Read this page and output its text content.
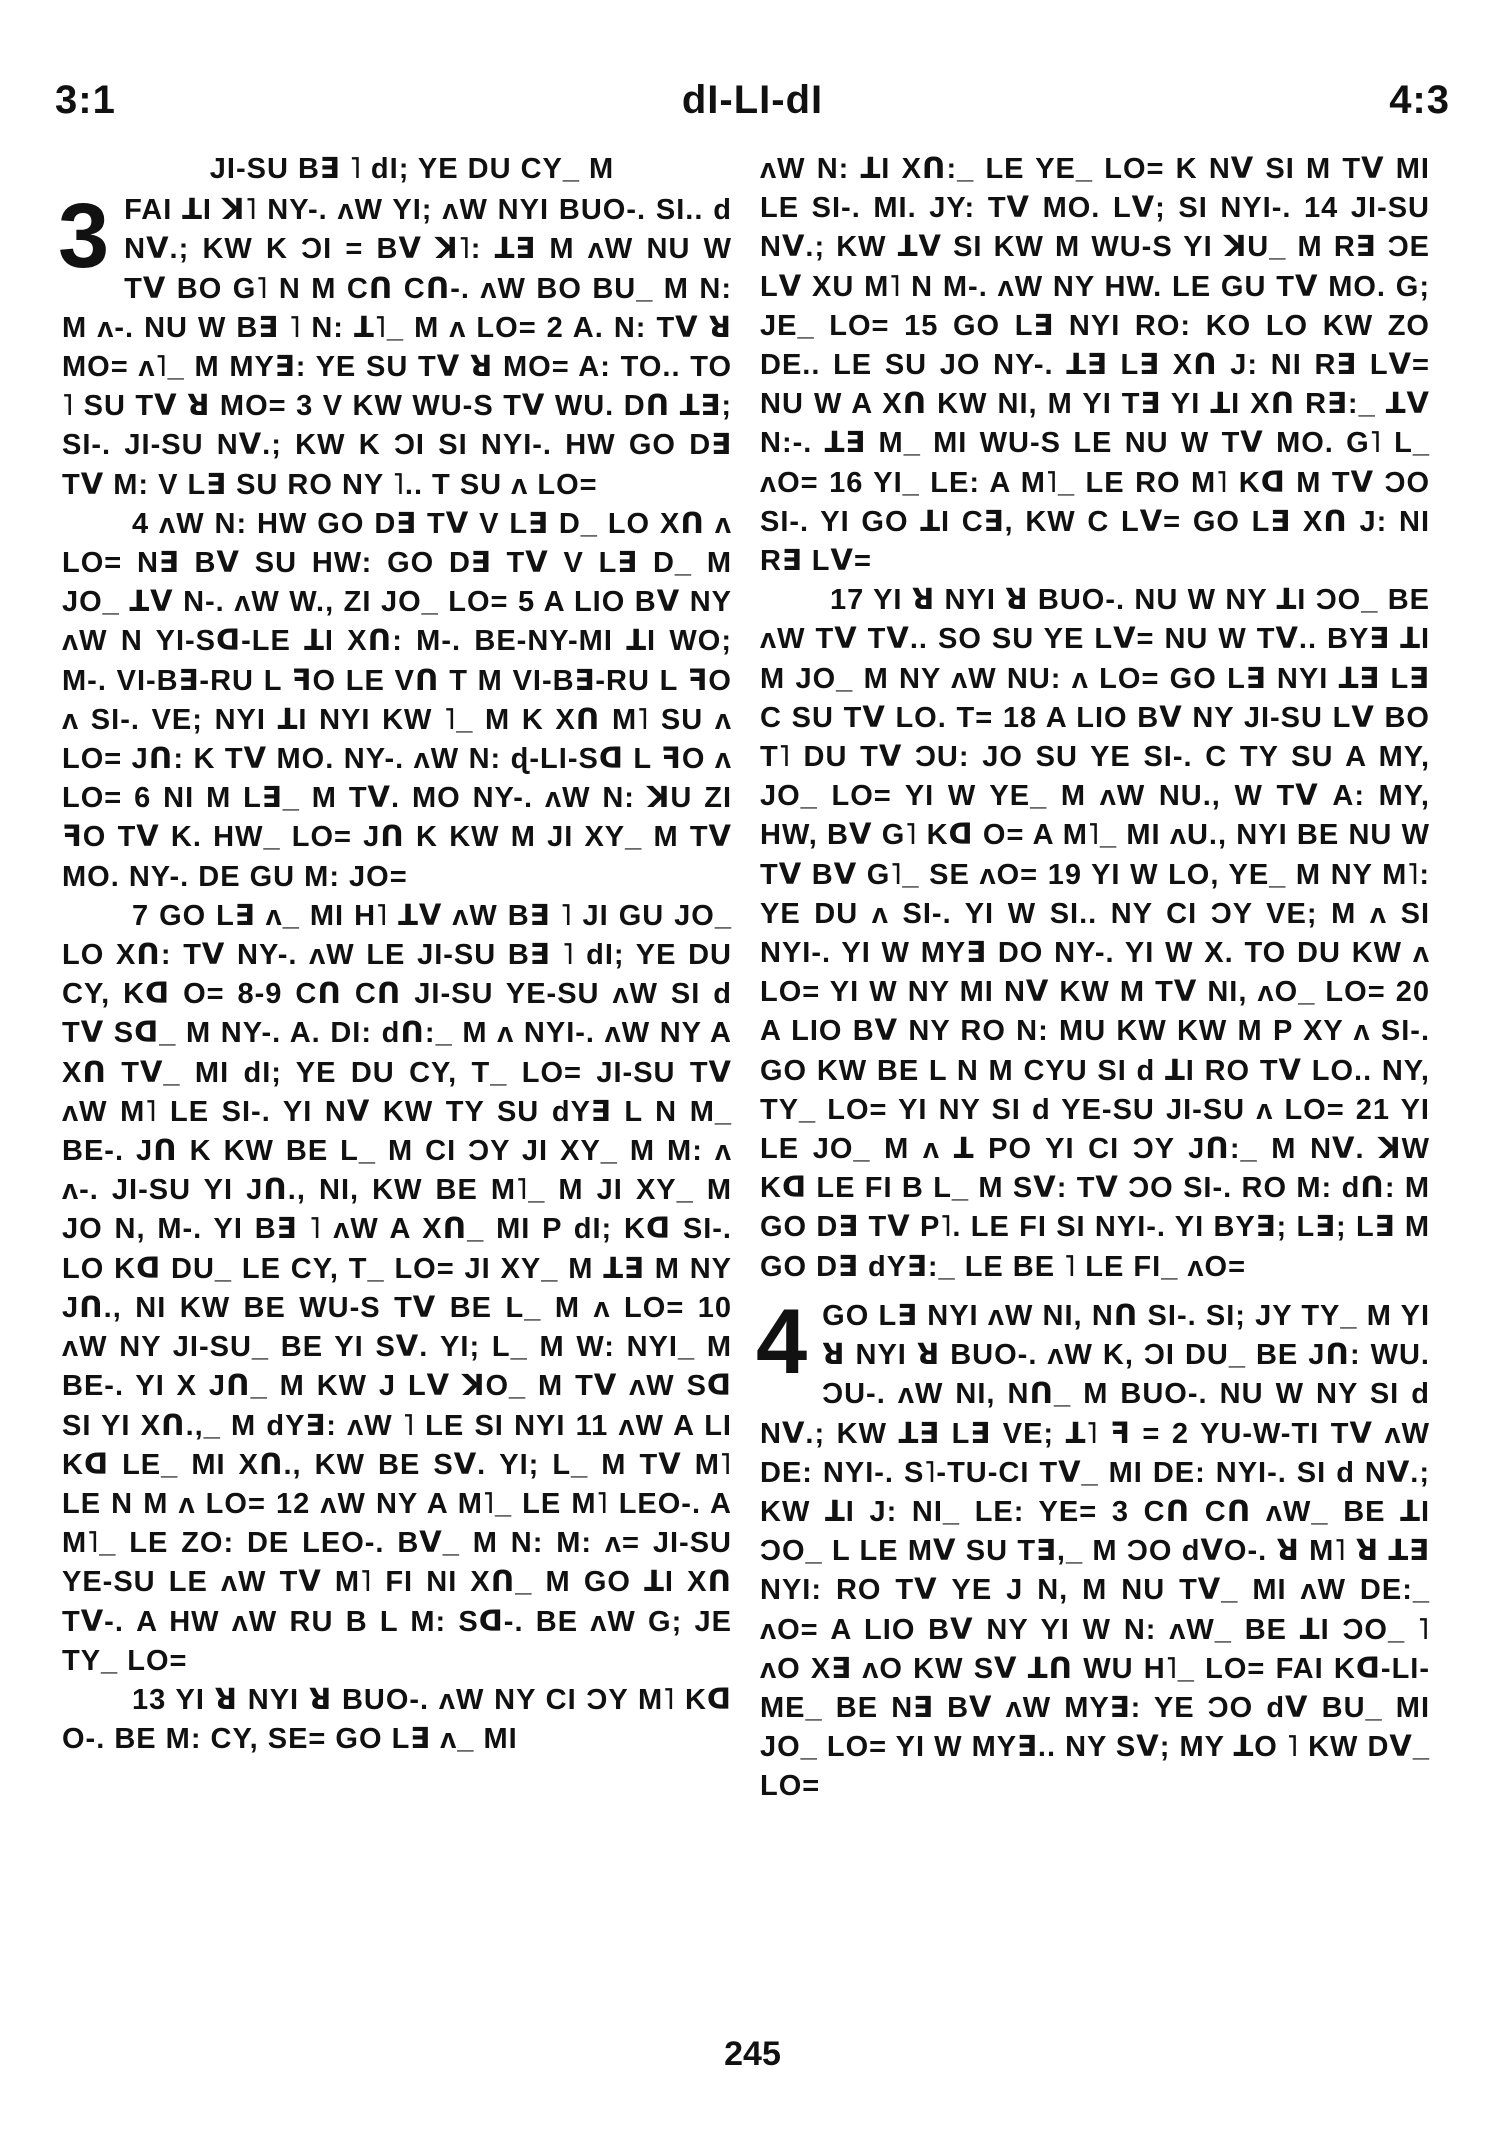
3:1	dI-LI-dI	4:3
JI-SU B∃ ˥ dI; YE DU CY_ M

3 FAI ꓕI ꓘ˥ NY-. ʌW YI; ʌW NYI BUO-. SI.. d Nᐯ.; KW K ϽI = Bᐯ ꓘ˥: ꓕ∃ M ʌW NU W Tᐯ BO G˥ N M Cᑎ Cᑎ-. ʌW BO BU_ M N: M ʌ-. NU W B∃ ˥ N: ꓕ˥_ M ʌ LO= 2 A. N: Tᐯ ꓤ MO= ʌ˥_ M MY∃: YE SU Tᐯ ꓤ MO= A: TO.. TO ˥ SU Tᐯ ꓤ MO= 3 V KW WU-S Tᐯ WU. Dᑎ ꓕ∃; SI-. JI-SU Nᐯ.; KW K ϽI SI NYI-. HW GO D∃ Tᐯ M: V L∃ SU RO NY ˥.. T SU ʌ LO=

4 ʌW N: HW GO D∃ Tᐯ V L∃ D_ LO Xᑎ ʌ LO= N∃ Bᐯ SU HW: GO D∃ Tᐯ V L∃ D_ M JO_ ꓕᐯ N-. ʌW W., ZI JO_ LO= 5 A LIO Bᐯ NY ʌW N YI-Sᗡ-LE ꓕI Xᑎ: M-. BE-NY-MI ꓕI WO; M-. VI-B∃-RU L ꟻO LE Vᑎ T M VI-B∃-RU L ꟻO ʌ SI-. VE; NYI ꓕI NYI KW ˥_ M K Xᑎ M˥ SU ʌ LO= Jᑎ: K Tᐯ MO. NY-. ʌW N: ɖ-LI-Sᗡ L ꟻO ʌ LO= 6 NI M L∃_ M Tᐯ. MO NY-. ʌW N: ꓘU ZI ꟻO Tᐯ K. HW_ LO= Jᑎ K KW M JI XY_ M Tᐯ MO. NY-. DE GU M: JO=

7 GO L∃ ʌ_ MI H˥ ꓕᐯ ʌW B∃ ˥ JI GU JO_ LO Xᑎ: Tᐯ NY-. ʌW LE JI-SU B∃ ˥ dI; YE DU CY, Kᗡ O= 8-9 Cᑎ Cᑎ JI-SU YE-SU ʌW SI d Tᐯ Sᗡ_ M NY-. A. DI: dᑎ:_ M ʌ NYI-. ʌW NY A Xᑎ Tᐯ_ MI dI; YE DU CY, T_ LO= JI-SU Tᐯ ʌW M˥ LE SI-. YI Nᐯ KW TY SU dY∃ L N M_ BE-. Jᑎ K KW BE L_ M CI ϽY JI XY_ M M: ʌ ʌ-. JI-SU YI Jᑎ., NI, KW BE M˥_ M JI XY_ M JO N, M-. YI B∃ ˥ ʌW A Xᑎ_ MI P dI; Kᗡ SI-. LO Kᗡ DU_ LE CY, T_ LO= JI XY_ M ꓕ∃ M NY Jᑎ., NI KW BE WU-S Tᐯ BE L_ M ʌ LO= 10 ʌW NY JI-SU_ BE YI Sᐯ. YI; L_ M W: NYI_ M BE-. YI X Jᑎ_ M KW J Lᐯ ꓘO_ M Tᐯ ʌW Sᗡ SI YI Xᑎ.,_ M dY∃: ʌW ˥ LE SI NYI 11 ʌW A LI Kᗡ LE_ MI Xᑎ., KW BE Sᐯ. YI; L_ M Tᐯ M˥ LE N M ʌ LO= 12 ʌW NY A M˥_ LE M˥ LEO-. A M˥_ LE ZO: DE LEO-. Bᐯ_ M N: M: ʌ= JI-SU YE-SU LE ʌW Tᐯ M˥ FI NI Xᑎ_ M GO ꓕI Xᑎ Tᐯ-. A HW ʌW RU B L M: Sᗡ-. BE ʌW G; JE TY_ LO=

13 YI ꓤ NYI ꓤ BUO-. ʌW NY CI ϽY M˥ Kᗡ O-. BE M: CY, SE= GO L∃ ʌ_ MI

ʌW N: ꓕI Xᑎ:_ LE YE_ LO= K Nᐯ SI M Tᐯ MI LE SI-. MI. JY: Tᐯ MO. Lᐯ; SI NYI-. 14 JI-SU Nᐯ.; KW ꓕᐯ SI KW M WU-S YI ꓘU_ M R∃ ϽE Lᐯ XU M˥ N M-. ʌW NY HW. LE GU Tᐯ MO. G; JE_ LO= 15 GO L∃ NYI RO: KO LO KW ZO DE.. LE SU JO NY-. ꓕ∃ L∃ Xᑎ J: NI R∃ Lᐯ= NU W A Xᑎ KW NI, M YI T∃ YI ꓕI Xᑎ R∃:_ ꓕᐯ N:-. ꓕ∃ M_ MI WU-S LE NU W Tᐯ MO. G˥ L_ ʌO= 16 YI_ LE: A M˥_ LE RO M˥ Kᗡ M Tᐯ ϽO SI-. YI GO ꓕI C∃, KW C Lᐯ= GO L∃ Xᑎ J: NI R∃ Lᐯ=

17 YI ꓤ NYI ꓤ BUO-. NU W NY ꓕI ϽO_ BE ʌW Tᐯ Tᐯ.. SO SU YE Lᐯ= NU W Tᐯ.. BY∃ ꓕI M JO_ M NY ʌW NU: ʌ LO= GO L∃ NYI ꓕ∃ L∃ C SU Tᐯ LO. T= 18 A LIO Bᐯ NY JI-SU Lᐯ BO T˥ DU Tᐯ ϽU: JO SU YE SI-. C TY SU A MY, JO_ LO= YI W YE_ M ʌW NU., W Tᐯ A: MY, HW, Bᐯ G˥ Kᗡ O= A M˥_ MI ʌU., NYI BE NU W Tᐯ Bᐯ G˥_ SE ʌO= 19 YI W LO, YE_ M NY M˥: YE DU ʌ SI-. YI W SI.. NY CI ϽY VE; M ʌ SI NYI-. YI W MY∃ DO NY-. YI W X. TO DU KW ʌ LO= YI W NY MI Nᐯ KW M Tᐯ NI, ʌO_ LO= 20 A LIO Bᐯ NY RO N: MU KW KW M P XY ʌ SI-. GO KW BE L N M CYU SI d ꓕI RO Tᐯ LO.. NY, TY_ LO= YI NY SI d YE-SU JI-SU ʌ LO= 21 YI LE JO_ M ʌ ꓕ PO YI CI ϽY Jᑎ:_ M Nᐯ. ꓘW Kᗡ LE FI B L_ M Sᐯ: Tᐯ ϽO SI-. RO M: dᑎ: M GO D∃ Tᐯ P˥. LE FI SI NYI-. YI BY∃; L∃; L∃ M GO D∃ dY∃:_ LE BE ˥ LE FI_ ʌO=

4 GO L∃ NYI ʌW NI, Nᑎ SI-. SI; JY TY_ M YI ꓤ NYI ꓤ BUO-. ʌW K, ϽI DU_ BE Jᑎ: WU. ϽU-. ʌW NI, Nᑎ_ M BUO-. NU W NY SI d Nᐯ.; KW ꓕ∃ L∃ VE; ꓕ˥ ꟻ = 2 YU-W-TI Tᐯ ʌW DE: NYI-. S˥-TU-CI Tᐯ_ MI DE: NYI-. SI d Nᐯ.; KW ꓕI J: NI_ LE: YE= 3 Cᑎ Cᑎ ʌW_ BE ꓕI ϽO_ L LE Mᐯ SU T∃,_ M ϽO dᐯO-. ꓤ M˥ ꓤ ꓕ∃ NYI: RO Tᐯ YE J N, M NU Tᐯ_ MI ʌW DE:_ ʌO= A LIO Bᐯ NY YI W N: ʌW_ BE ꓕI ϽO_ ˥ ʌO X∃ ʌO KW Sᐯ ꓕᑎ WU H˥_ LO= FAI Kᗡ-LI-ME_ BE N∃ Bᐯ ʌW MY∃: YE ϽO dᐯ BU_ MI JO_ LO= YI W MY∃.. NY Sᐯ; MY ꓕO ˥ KW Dᐯ_ LO=

245
